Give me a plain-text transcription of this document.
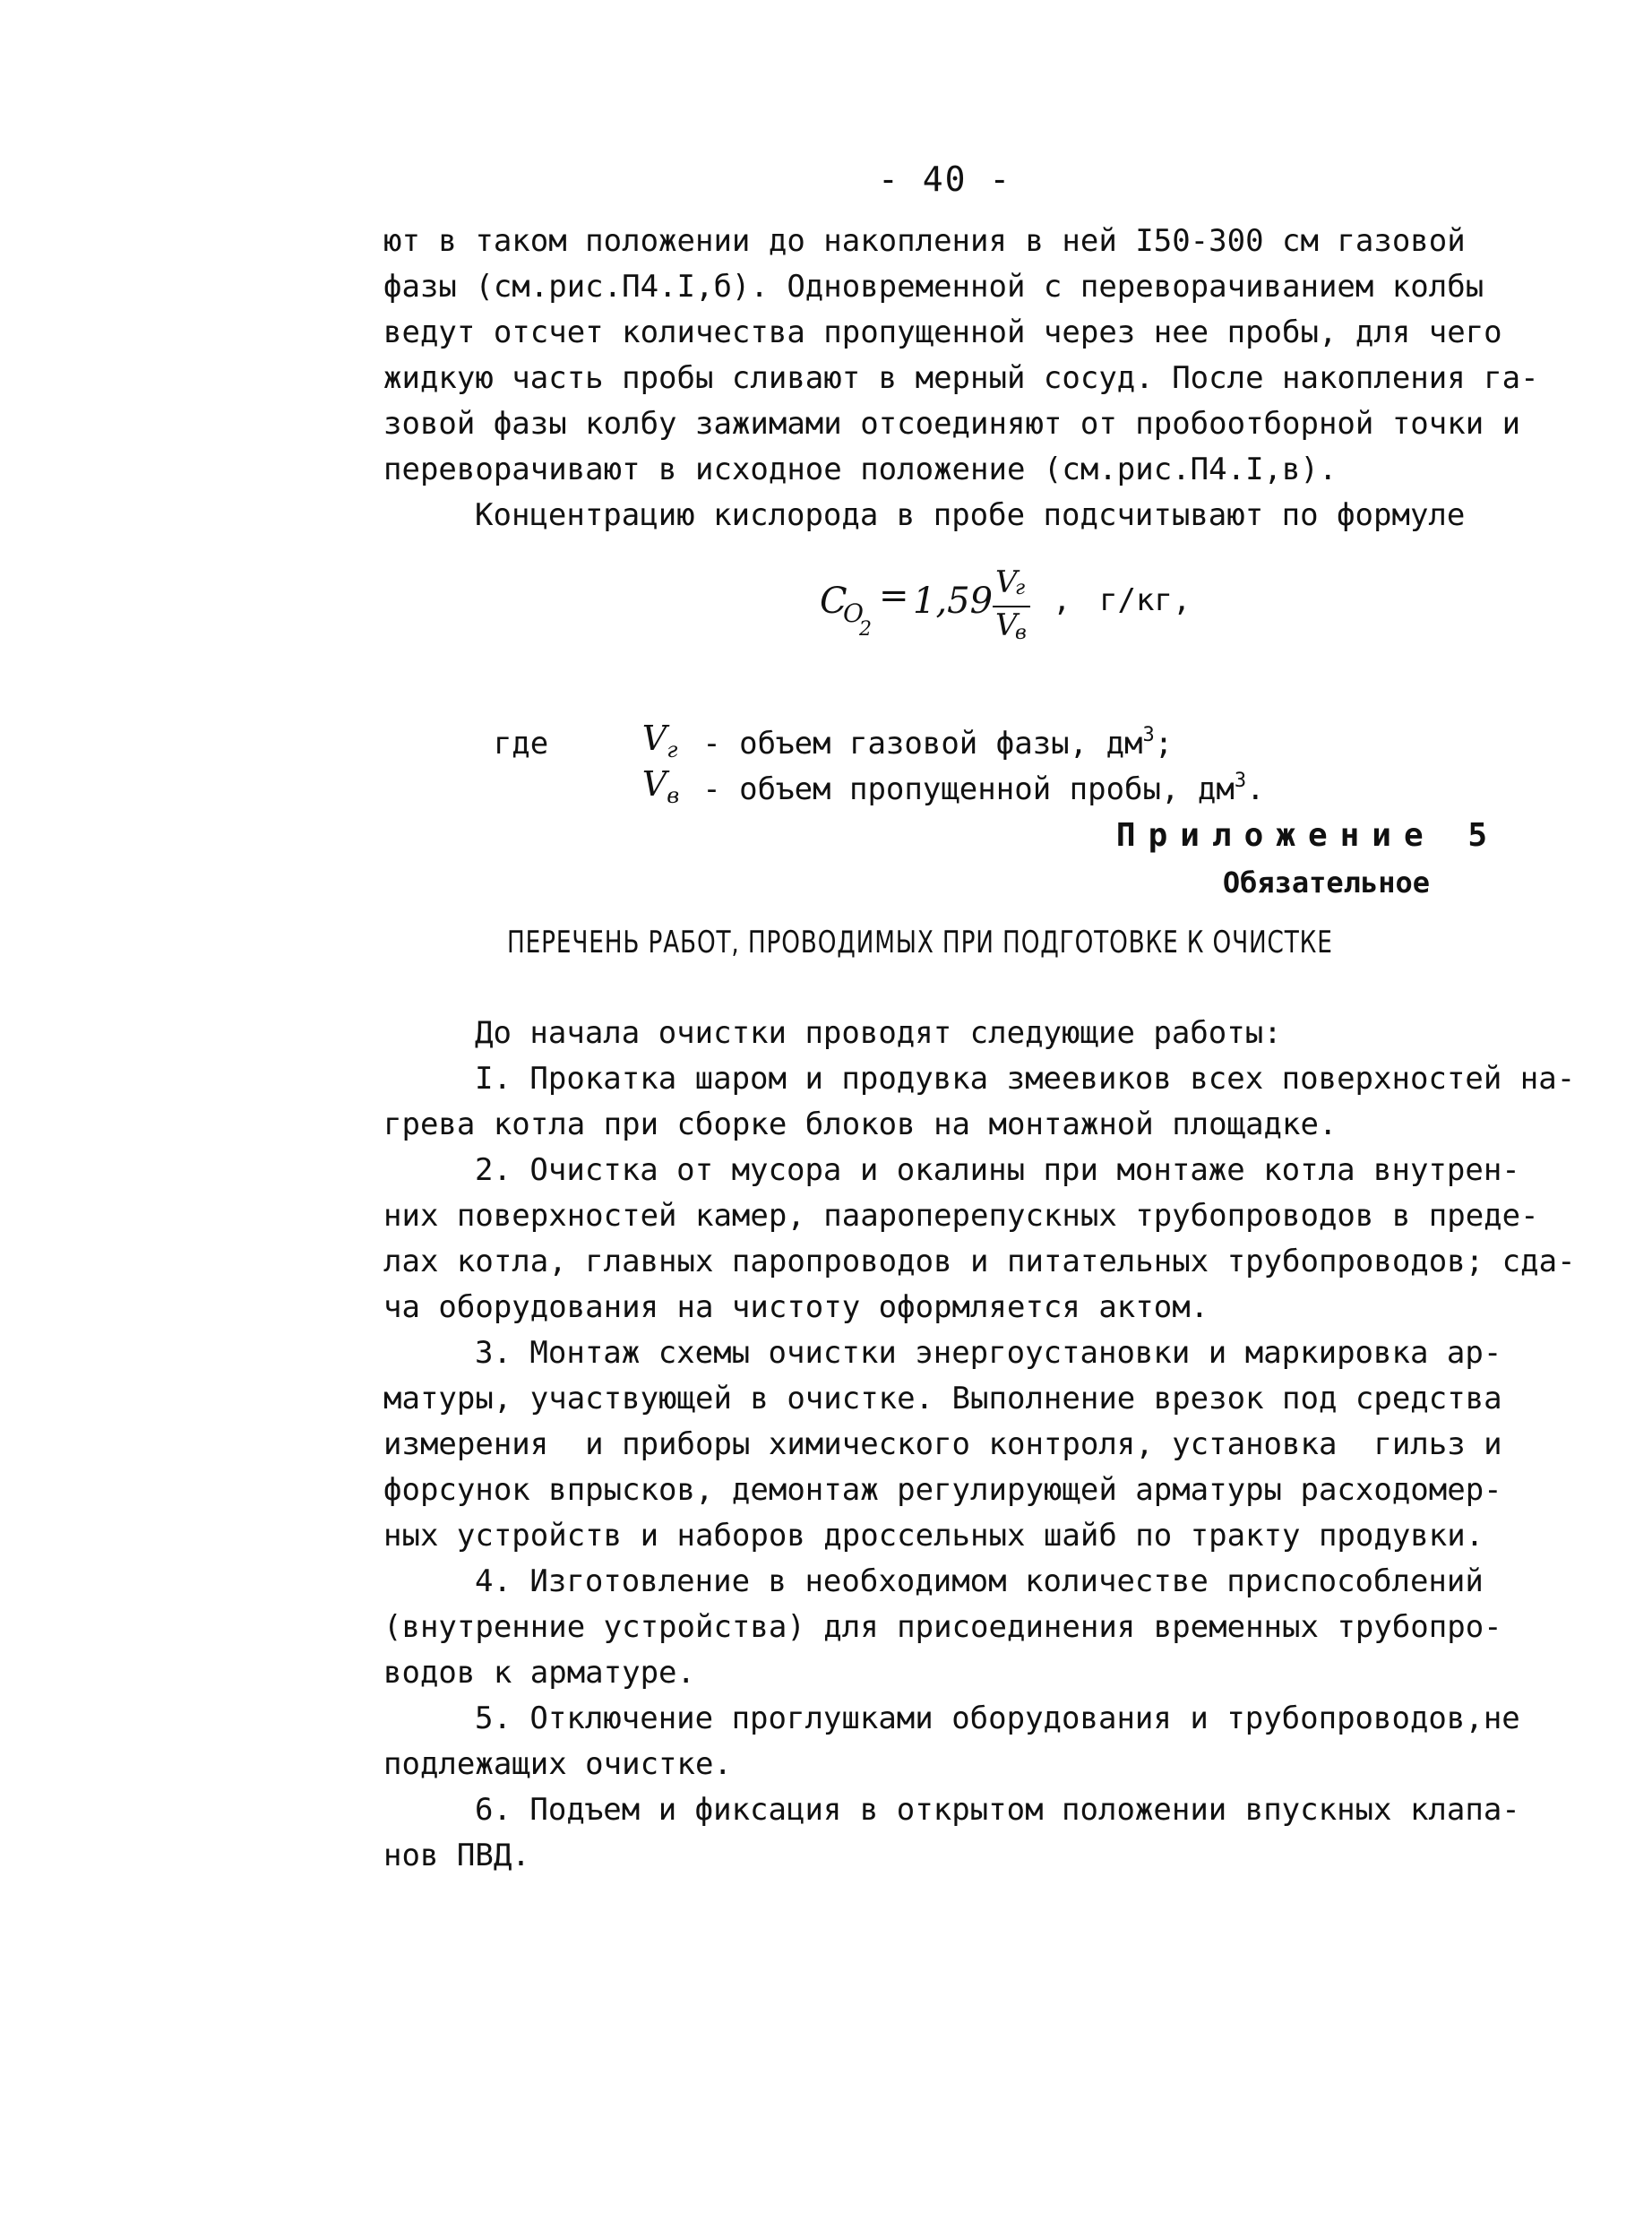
- 40 -
ют в таком положении до накопления в ней I50-300 см газовой
фазы (см.рис.П4.I,б). Одновременной с переворачиванием колбы
ведут отсчет количества пропущенной через нее пробы, для чего
жидкую часть пробы сливают в мерный сосуд. После накопления га-
зовой фазы колбу зажимами отсоединяют от пробоотборной точки и
переворачивают в исходное положение (см.рис.П4.I,в).
Концентрацию кислорода в пробе подсчитывают по формуле
C
O
2
= 1,59 V
г
V
в
, г/кг,

где
	$V_г$

- объем газовой фазы, $дм^3$;

$V_в$

- объем пропущенной пробы, $дм^3$.

Приложение 5
Обязательное
ПЕРЕЧЕНЬ РАБОТ, ПРОВОДИМЫХ ПРИ ПОДГОТОВКЕ К ОЧИСТКЕ
До начала очистки проводят следующие работы:
I. Прокатка шаром и продувка змеевиков всех поверхностей на-
грева котла при сборке блоков на монтажной площадке.
2. Очистка от мусора и окалины при монтаже котла внутрен-
них поверхностей камер, паароперепускных трубопроводов в преде-
лах котла, главных паропроводов и питательных трубопроводов; сда-
ча оборудования на чистоту оформляется актом.
3. Монтаж схемы очистки энергоустановки и маркировка ар-
матуры, участвующей в очистке. Выполнение врезок под средства
измерения  и приборы химического контроля, установка  гильз и
форсунок впрысков, демонтаж регулирующей арматуры расходомер-
ных устройств и наборов дроссельных шайб по тракту продувки.
4. Изготовление в необходимом количестве приспособлений
(внутренние устройства) для присоединения временных трубопро-
водов к арматуре.
5. Отключение проглушками оборудования и трубопроводов,не
подлежащих очистке.
6. Подъем и фиксация в открытом положении впускных клапа-
нов ПВД.
